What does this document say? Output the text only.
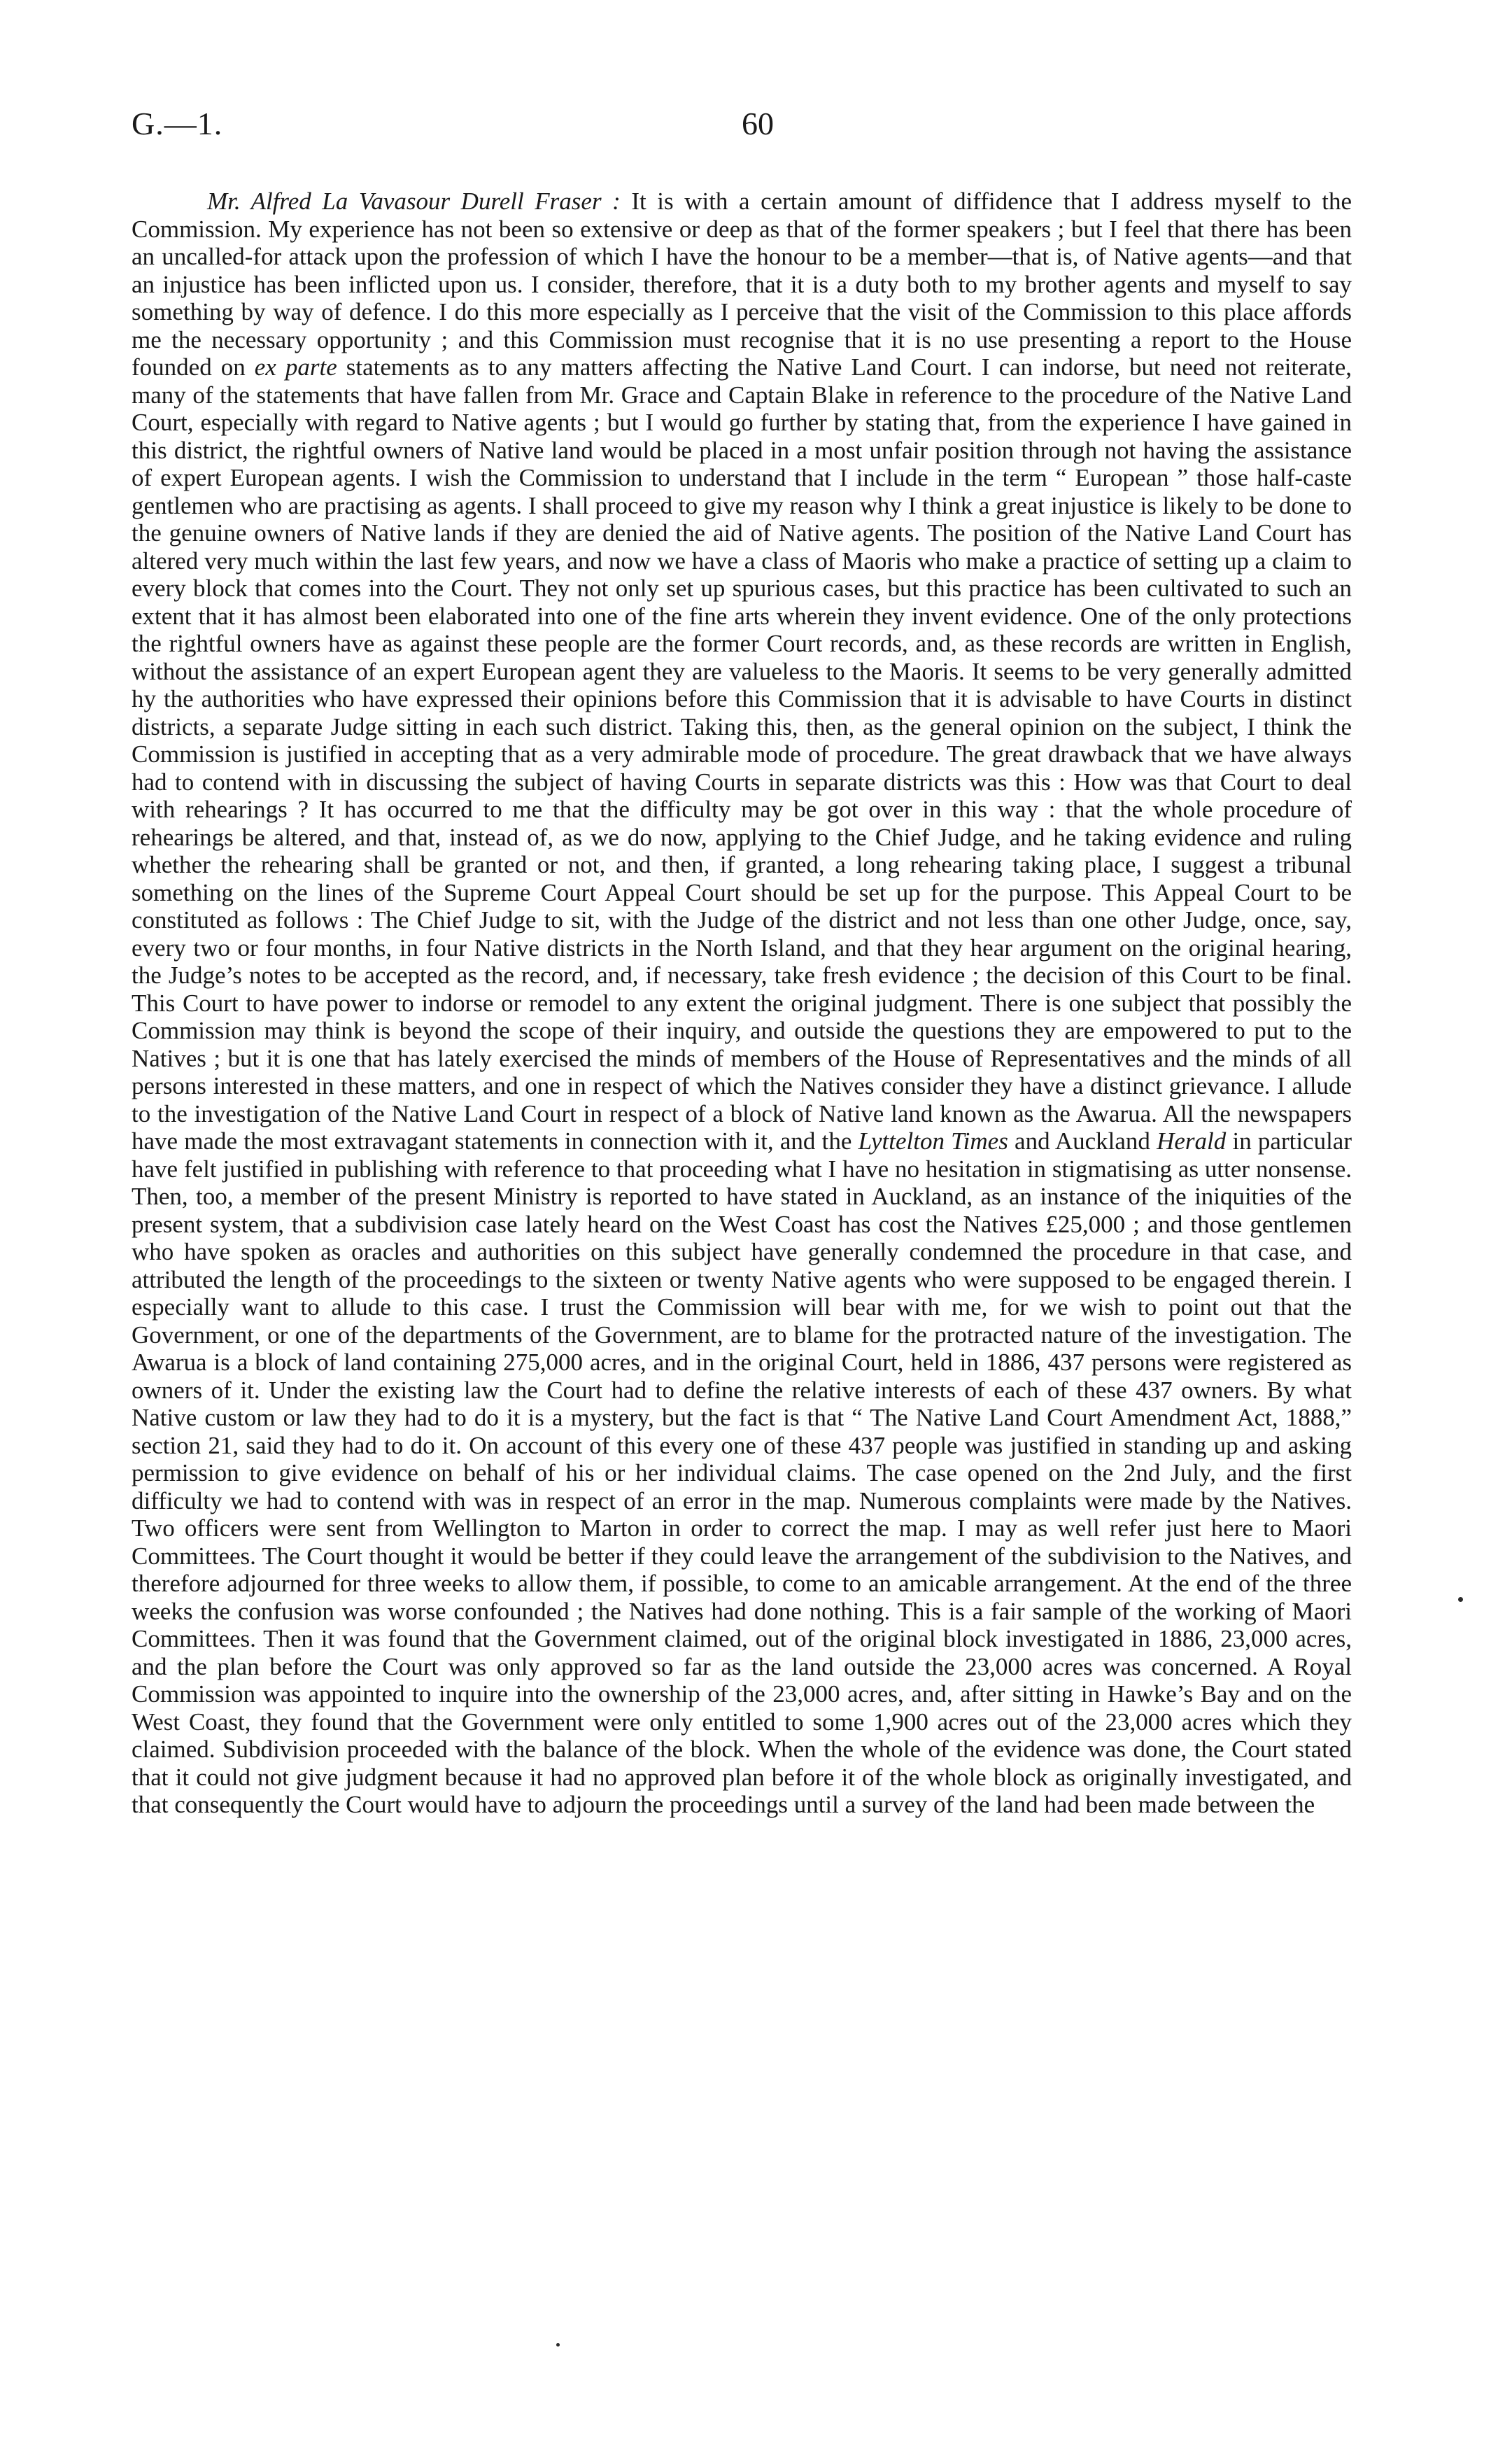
G.—1.	60

Mr. Alfred La Vavasour Durell Fraser : It is with a certain amount of diffidence that I address myself to the Commission. My experience has not been so extensive or deep as that of the former speakers ; but I feel that there has been an uncalled-for attack upon the profession of which I have the honour to be a member—that is, of Native agents—and that an injustice has been inflicted upon us. I consider, therefore, that it is a duty both to my brother agents and myself to say something by way of defence. I do this more especially as I perceive that the visit of the Commission to this place affords me the necessary opportunity ; and this Commission must recognise that it is no use presenting a report to the House founded on ex parte statements as to any matters affecting the Native Land Court. I can indorse, but need not reiterate, many of the statements that have fallen from Mr. Grace and Captain Blake in reference to the procedure of the Native Land Court, especially with regard to Native agents ; but I would go further by stating that, from the experience I have gained in this district, the rightful owners of Native land would be placed in a most unfair position through not having the assistance of expert European agents. I wish the Commission to understand that I include in the term “ European ” those half-caste gentlemen who are practising as agents. I shall proceed to give my reason why I think a great injustice is likely to be done to the genuine owners of Native lands if they are denied the aid of Native agents. The position of the Native Land Court has altered very much within the last few years, and now we have a class of Maoris who make a practice of setting up a claim to every block that comes into the Court. They not only set up spurious cases, but this practice has been cultivated to such an extent that it has almost been elaborated into one of the fine arts wherein they invent evidence. One of the only protections the rightful owners have as against these people are the former Court records, and, as these records are written in English, without the assistance of an expert European agent they are valueless to the Maoris. It seems to be very generally admitted hy the authorities who have expressed their opinions before this Commission that it is advisable to have Courts in distinct districts, a separate Judge sitting in each such district. Taking this, then, as the general opinion on the subject, I think the Commission is justified in accepting that as a very admirable mode of procedure. The great drawback that we have always had to contend with in discussing the subject of having Courts in separate districts was this : How was that Court to deal with rehearings ? It has occurred to me that the difficulty may be got over in this way : that the whole procedure of rehearings be altered, and that, instead of, as we do now, applying to the Chief Judge, and he taking evidence and ruling whether the rehearing shall be granted or not, and then, if granted, a long rehearing taking place, I suggest a tribunal something on the lines of the Supreme Court Appeal Court should be set up for the purpose. This Appeal Court to be constituted as follows : The Chief Judge to sit, with the Judge of the district and not less than one other Judge, once, say, every two or four months, in four Native districts in the North Island, and that they hear argument on the original hearing, the Judge’s notes to be accepted as the record, and, if necessary, take fresh evidence ; the decision of this Court to be final. This Court to have power to indorse or remodel to any extent the original judgment. There is one subject that possibly the Commission may think is beyond the scope of their inquiry, and outside the questions they are empowered to put to the Natives ; but it is one that has lately exercised the minds of members of the House of Representatives and the minds of all persons interested in these matters, and one in respect of which the Natives consider they have a distinct grievance. I allude to the investigation of the Native Land Court in respect of a block of Native land known as the Awarua. All the newspapers have made the most extravagant statements in connection with it, and the Lyttelton Times and Auckland Herald in particular have felt justified in publishing with reference to that proceeding what I have no hesitation in stigmatising as utter nonsense. Then, too, a member of the present Ministry is reported to have stated in Auckland, as an instance of the iniquities of the present system, that a subdivision case lately heard on the West Coast has cost the Natives £25,000 ; and those gentlemen who have spoken as oracles and authorities on this subject have generally condemned the procedure in that case, and attributed the length of the proceedings to the sixteen or twenty Native agents who were supposed to be engaged therein. I especially want to allude to this case. I trust the Commission will bear with me, for we wish to point out that the Government, or one of the departments of the Government, are to blame for the protracted nature of the investigation. The Awarua is a block of land containing 275,000 acres, and in the original Court, held in 1886, 437 persons were registered as owners of it. Under the existing law the Court had to define the relative interests of each of these 437 owners. By what Native custom or law they had to do it is a mystery, but the fact is that “ The Native Land Court Amendment Act, 1888,” section 21, said they had to do it. On account of this every one of these 437 people was justified in standing up and asking permission to give evidence on behalf of his or her individual claims. The case opened on the 2nd July, and the first difficulty we had to contend with was in respect of an error in the map. Numerous complaints were made by the Natives. Two officers were sent from Wellington to Marton in order to correct the map. I may as well refer just here to Maori Committees. The Court thought it would be better if they could leave the arrangement of the subdivision to the Natives, and therefore adjourned for three weeks to allow them, if possible, to come to an amicable arrangement. At the end of the three weeks the confusion was worse confounded ; the Natives had done nothing. This is a fair sample of the working of Maori Committees. Then it was found that the Government claimed, out of the original block investigated in 1886, 23,000 acres, and the plan before the Court was only approved so far as the land outside the 23,000 acres was concerned. A Royal Commission was appointed to inquire into the ownership of the 23,000 acres, and, after sitting in Hawke’s Bay and on the West Coast, they found that the Government were only entitled to some 1,900 acres out of the 23,000 acres which they claimed. Subdivision proceeded with the balance of the block. When the whole of the evidence was done, the Court stated that it could not give judgment because it had no approved plan before it of the whole block as originally investigated, and that consequently the Court would have to adjourn the proceedings until a survey of the land had been made between the
